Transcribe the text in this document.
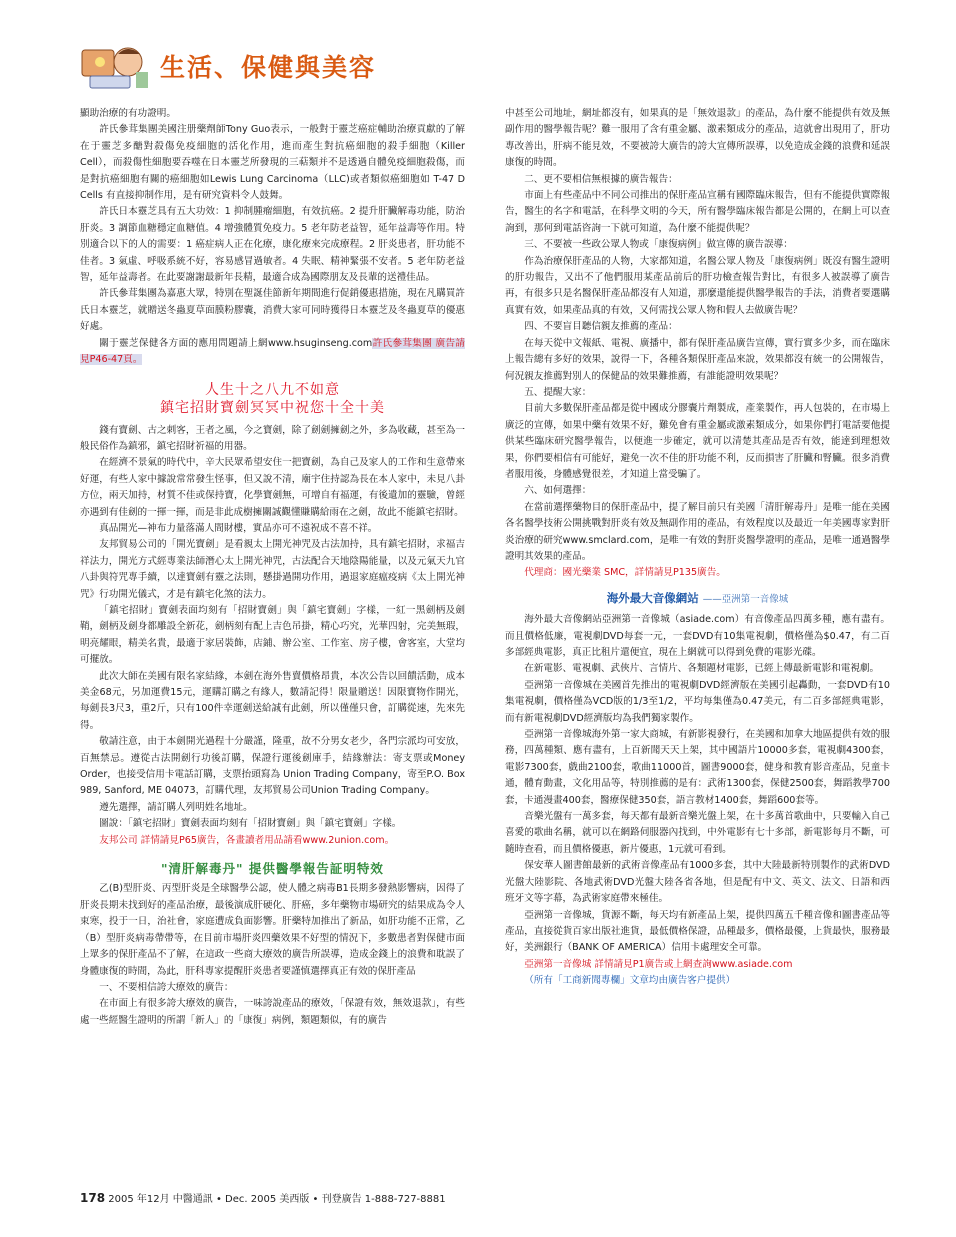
生活、保健與美容

顯助治療的有功證明。

許氏參茸集團美國注册藥劑師Tony Guo表示，一般對于靈芝癌症輔助治療貢獻的了解在于靈芝多醣對殺傷免疫細胞的活化作用，進而產生對抗癌細胞的殺手細胞（Killer Cell），而殺傷性細胞要吞噬在日本靈芝所發現的三萜類并不是透過自體免疫細胞殺傷，而是對抗癌細胞有關的癌細胞如Lewis Lung Carcinoma（LLC)或者類似癌細胞如 T-47 D Cells 有直接抑制作用，是有研究資料令人鼓舞。

許氏日本靈芝具有五大功效：1 抑制腫瘤細胞，有效抗癌。2 提升肝臟解毒功能，防治肝炎。3 調節血糖穩定血糖值。4 增強體質免疫力。5 老年防老益智，延年益壽等作用。特別適合以下的人的需要：1 癌症病人正在化療，康化療來完成療程。2 肝炎患者，肝功能不佳者。3 氣虛、呼吸系統不好，容易感冒過敏者。4 失眠、精神緊張不安者。5 老年防老益智，延年益壽者。在此要謝謝最新年長精，最適合成為國際朋友及長輩的送禮佳品。

許氏參茸集團為嘉惠大眾，特別在聖誕佳節新年期間進行促銷優惠措施，現在凡購買許氏日本靈芝，就贈送冬蟲夏草面膜粉膠囊，消費大家可同時獲得日本靈芝及冬蟲夏草的優惠好處。

關于靈芝保健各方面的應用問題請上網www.hsuginseng.com許氏參茸集團 廣告請見P46-47頁。

人生十之八九不如意
鎮宅招財寶劍冥冥中祝您十全十美

錢有寶劍、古之刺客，王者之風，今之寶劍，除了劍劍擁劍之外，多為收藏，甚至為一般民俗作為鎮邪，鎮宅招財祈福的用器。

在經濟不景氣的時代中，辛大民眾希望安住一把寶劍，為自己及家人的工作和生意帶來好運，有些人家中據說常常發生怪事，但又說不清，廟宇住持認為長在本人家中，未見八卦方位，兩天加持，材質不佳或保持寶，化學寶劍無，可增自有福運，有後遺加的靈驗，曾經亦遇到有佳劍的一揮一揮，而是非此成樹擁關誠觀懂賺購給雨在之劍，故此不能鎮宅招財。

真品開光—神布力量落滿人間財樓，實品亦可不遠祝成不喜不祥。

友邦貿易公司的「開光寶劍」是看親太上開光神咒及古法加持，具有鎮宅招財，求福吉祥法力，開光方式經專業法師潛心太上開光神咒，古法配合天地陰陽能量，以及元氣天九官八卦與符咒專手續，以達寶劍有靈之法則，懸掛過開功作用，過退家庭瘟疫病《太上開光神咒》行功開光儀式，才是有鎮宅化煞的法力。

「鎮宅招財」寶劍表面均刻有「招財寶劍」與「鎮宅寶劍」字樣，一紅一黑劍柄及劍鞘，劍柄及劍身都雕設全新花，劍柄刻有配上吉色吊掛，精心巧究，光華四射，完美無瑕，明亮耀眼，精美名貴，最適于家居裝飾，店鋪、辦公室、工作室、房子樓，會客室，大堂均可擺放。

此次大師在美國有限名家結緣，本劍在海外售賣價格昂貴，本次公告以回饋活動，成本美金68元，另加運費15元，運購訂購之有緣人，數請記得！限量贈送！因限寶物作開光，每劍長3尺3，重2斤，只有100件幸運劍送給誠有此劍，所以僅僅只會，訂購從速，先來先得。

敬請注意，由于本劍開光過程十分嚴謹，隆重，故不分男女老少，各門宗派均可安放，百無禁忌。遵從古法開劍行功後訂購，保證行運後劍庫手，結緣辦法：寄支票或Money Order，也接受信用卡電話訂購，支票抬頭寫為 Union Trading Company，寄至P.O. Box 989, Sanford, ME 04073，訂購代理，友邦貿易公司Union Trading Company。

遵先選擇，請訂購人列明姓名地址。

圖說：「鎮宅招財」寶劍表面均刻有「招財寶劍」與「鎮宅寶劍」字樣。

友邦公司 詳情請見P65廣告，各畫讀者用品請看www.2union.com。

"清肝解毒丹" 提供醫學報告証明特效

乙(B)型肝炎、丙型肝炎是全球醫學公認，使人體之病毒B1長期多發熱影響病，因得了肝炎長期未找到好的產品治療，最後演成肝硬化、肝癌，多年藥物市場研究的結果成為令人束寒，投于一日，治社會，家庭遭成負面影響。肝藥特加推出了新品，如肝功能不正常，乙（B）型肝炎病毒帶帶等，在目前市場肝炎四藥效果不好型的情況下，多數患者對保健市面上眾多的保肝產品不了解，在這政一些商大療效的廣告所誤導，造成金錢上的浪費和耽誤了身體康復的時間，為此，肝科專家提醒肝炎患者要謹慎選擇真正有效的保肝產品

一、不要相信誇大療效的廣告：

在市面上有很多誇大療效的廣告，一味誇說產品的療效，「保證有效，無效退款」，有些處一些經醫生證明的所謂「新人」的「康復」病例，類題類似，有的廣告

中甚至公司地址，網址都沒有，如果真的是「無效退款」的產品，為什麼不能提供有效及無副作用的醫學報告呢？難一服用了含有重金屬、激素類成分的產品，這就會出現用了，肝功專改善出，肝病不能見效，不要被誇大廣告的誇大宣傳所誤導，以免造成金錢的浪費和延誤康復的時間。

二、更不要相信無根據的廣告報告：

市面上有些產品中不同公司推出的保肝產品宣稱有國際臨床報告，但有不能提供實際報告，醫生的名字和電話，在科學文明的今天，所有醫學臨床報告都是公開的，在網上可以查詢到，那何到電話咨詢一下就可知道，為什麼不能提供呢？

三、不要被一些政公眾人物或「康復病例」做宣傳的廣告誤導：

作為治療保肝產品的人物，大家都知道，名醫公眾人物及「康復病例」既沒有醫生證明的肝功報告，又出不了他們服用某產品前后的肝功檢查報告對比，有很多人被誤導了廣告再，有很多只是名醫保肝產品都沒有人知道，那麼還能提供醫學報告的手法，消費者要選購真實有效，如果產品真的有效，又何需找公眾人物和假人去做廣告呢？

四、不要盲目聽信親友推薦的產品：

在每天從中文報紙、電視、廣播中，都有保肝產品廣告宣傳，實行實多少多，而在臨床上報告總有多好的效果，說得一下，各種各類保肝產品來說，效果都沒有統一的公開報告，何況親友推薦對別人的保健品的效果難推薦，有誰能證明效果呢？

五、提醒大家：

目前大多數保肝產品都是從中國成分膠囊片劑製成，產業製作，再人包裝的，在市場上廣泛的宣傳，如果中藥有效果不好，難免會有重金屬或激素類成分，如果你們打電話要他提供某些臨床研究醫學報告，以便進一步確定，就可以清楚其產品是否有效，能達到理想效果，你們要相信有可能好，避免一次不佳的肝功能不利，反而損害了肝臟和腎臟。很多消費者服用後，身體感覺很差，才知道上當受騙了。

六、如何選擇：

在當前選擇藥物目的保肝產品中，提了解目前只有美國「清肝解毒丹」是唯一能在美國各名醫學技術公開挑戰對肝炎有效及無副作用的產品，有效程度以及最近一年美國專家對肝炎治療的研究www.smclard.com，是唯一有效的對肝炎醫學證明的產品，是唯一通過醫學證明其效果的產品。

代理商：國光藥業 SMC，詳情請見P135廣告。

海外最大音像網站 ——亞洲第一音像城

海外最大音像網站亞洲第一音像城（asiade.com）有音像產品四萬多種，應有盡有。而且價格低廉，電視劇DVD每套一元，一套DVD有10集電視劇，價格僅為$0.47，有二百多部經典電影，真正比租片還便宜，現在上網就可以得到免費的電影光碟。

在新電影、電視劇、武俠片、言情片、各類題材電影，已經上傳最新電影和電視劇。

亞洲第一音像城在美國首先推出的電視劇DVD經濟版在美國引起轟動，一套DVD有10集電視劇，價格僅為VCD版的1/3至1/2，平均每集僅為0.47美元，有二百多部經典電影，而有新電視劇DVD經濟版均為我們獨家製作。

亞洲第一音像城海外第一家大商城，有新影視發行，在美國和加拿大地區提供有效的服務，四萬種類、應有盡有，上百新聞天天上架，其中國語片10000多套，電視劇4300套，電影7300套，戲曲2100套，歌曲11000首，圖書9000套，健身和教育影音產品，兒童卡通，體育動畫，文化用品等，特別推薦的是有：武術1300套，保健2500套，舞蹈教學700套，卡通漫畫400套，醫療保健350套，語言教材1400套，舞蹈600套等。

音樂光盤有一萬多套，每天都有最新音樂光盤上架，在十多萬首歌曲中，只要輸入自己喜愛的歌曲名稱，就可以在網路伺服器內找到，中外電影有七十多部，新電影每月不斷，可隨時查看，而且價格優惠，新片優惠，1元就可看到。

保安華人圖書館最新的武術音像產品有1000多套，其中大陸最新特別製作的武術DVD光盤大陸影院、各地武術DVD光盤大陸各省各地，但是配有中文、英文、法文、日語和西班牙文等字幕，為武術家庭帶來極佳。

亞洲第一音像城，貨源不斷，每天均有新產品上架，提供四萬五千種音像和圖書產品等產品，直接從貨百家出版社進貨，最低價格保證，品種最多，價格最優，上貨最快，服務最好，美洲銀行（BANK OF AMERICA）信用卡處理安全可靠。

亞洲第一音像城 詳情請見P1廣告或上網查詢www.asiade.com

（所有「工商新聞專欄」文章均由廣告客户提供）

178 2005 年12月 中醫通訊 • Dec. 2005 美西版 • 刊登廣告 1-888-727-8881
